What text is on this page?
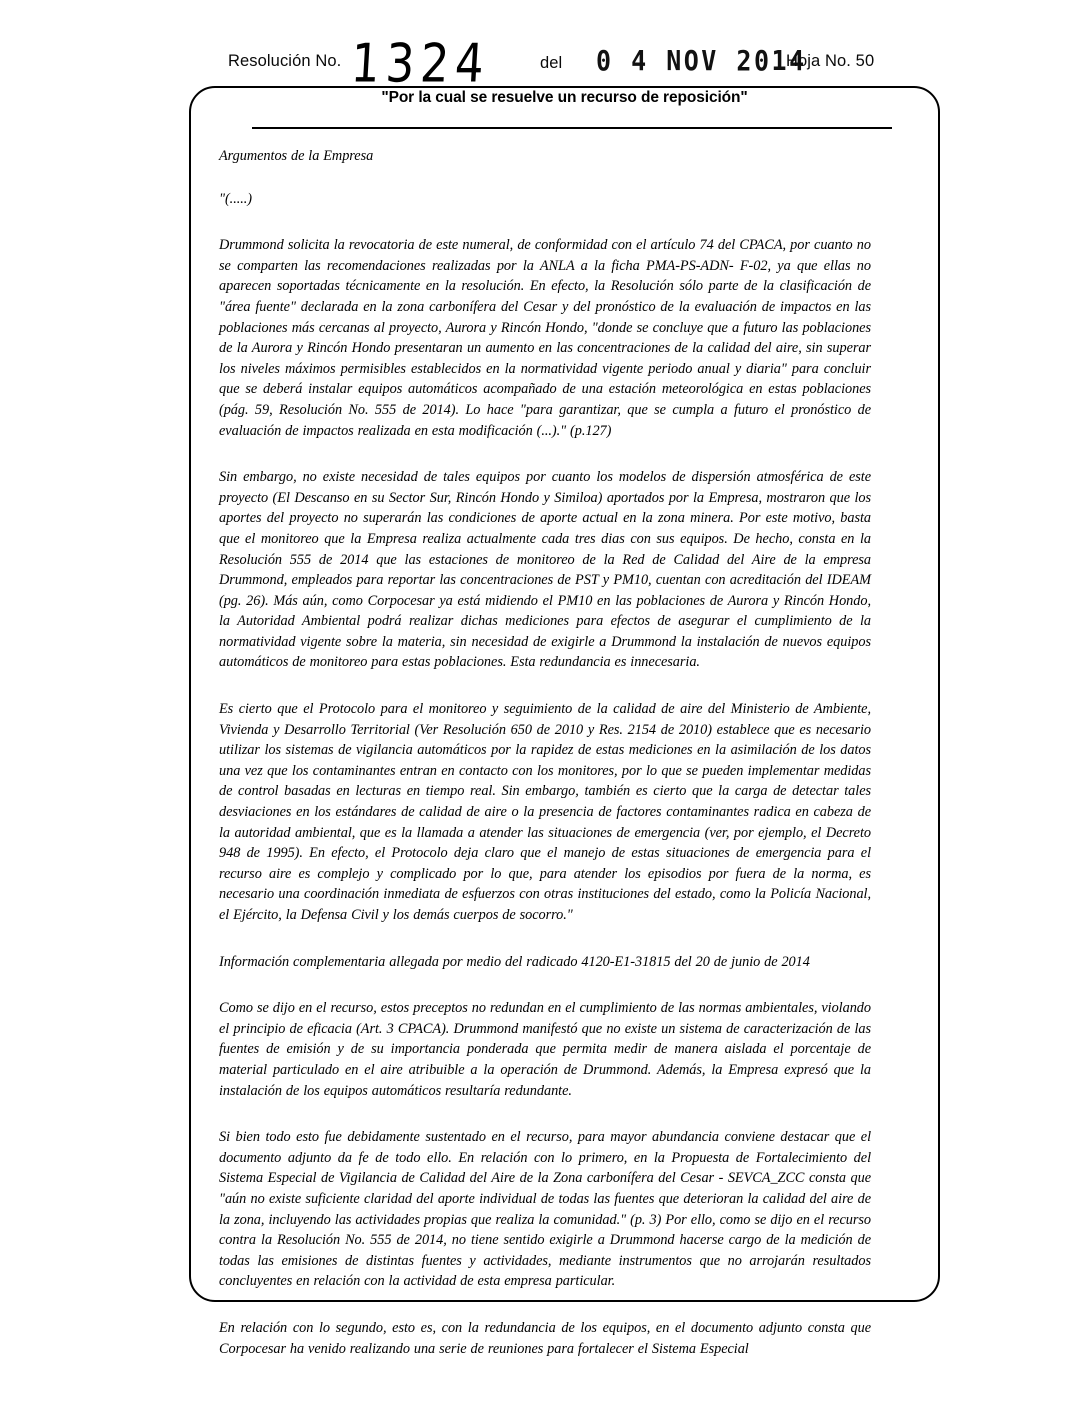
Resolución No. 1324	del 0 4 NOV 2014
Hoja No. 50
"Por la cual se resuelve un recurso de reposición"

Argumentos de la Empresa

"(.....)

Drummond solicita la revocatoria de este numeral, de conformidad con el artículo 74 del CPACA, por cuanto no se comparten las recomendaciones realizadas por la ANLA a la ficha PMA-PS-ADN- F-02, ya que ellas no aparecen soportadas técnicamente en la resolución. En efecto, la Resolución sólo parte de la clasificación de "área fuente" declarada en la zona carbonífera del Cesar y del pronóstico de la evaluación de impactos en las poblaciones más cercanas al proyecto, Aurora y Rincón Hondo, "donde se concluye que a futuro las poblaciones de la Aurora y Rincón Hondo presentaran un aumento en las concentraciones de la calidad del aire, sin superar los niveles máximos permisibles establecidos en la normatividad vigente periodo anual y diaria" para concluir que se deberá instalar equipos automáticos acompañado de una estación meteorológica en estas poblaciones (pág. 59, Resolución No. 555 de 2014). Lo hace "para garantizar, que se cumpla a futuro el pronóstico de evaluación de impactos realizada en esta modificación (...)." (p.127)

Sin embargo, no existe necesidad de tales equipos por cuanto los modelos de dispersión atmosférica de este proyecto (El Descanso en su Sector Sur, Rincón Hondo y Similoa) aportados por la Empresa, mostraron que los aportes del proyecto no superarán las condiciones de aporte actual en la zona minera. Por este motivo, basta que el monitoreo que la Empresa realiza actualmente cada tres dias con sus equipos. De hecho, consta en la Resolución 555 de 2014 que las estaciones de monitoreo de la Red de Calidad del Aire de la empresa Drummond, empleados para reportar las concentraciones de PST y PM10, cuentan con acreditación del IDEAM (pg. 26). Más aún, como Corpocesar ya está midiendo el PM10 en las poblaciones de Aurora y Rincón Hondo, la Autoridad Ambiental podrá realizar dichas mediciones para efectos de asegurar el cumplimiento de la normatividad vigente sobre la materia, sin necesidad de exigirle a Drummond la instalación de nuevos equipos automáticos de monitoreo para estas poblaciones. Esta redundancia es innecesaria.

Es cierto que el Protocolo para el monitoreo y seguimiento de la calidad de aire del Ministerio de Ambiente, Vivienda y Desarrollo Territorial (Ver Resolución 650 de 2010 y Res. 2154 de 2010) establece que es necesario utilizar los sistemas de vigilancia automáticos por la rapidez de estas mediciones en la asimilación de los datos una vez que los contaminantes entran en contacto con los monitores, por lo que se pueden implementar medidas de control basadas en lecturas en tiempo real. Sin embargo, también es cierto que la carga de detectar tales desviaciones en los estándares de calidad de aire o la presencia de factores contaminantes radica en cabeza de la autoridad ambiental, que es la llamada a atender las situaciones de emergencia (ver, por ejemplo, el Decreto 948 de 1995). En efecto, el Protocolo deja claro que el manejo de estas situaciones de emergencia para el recurso aire es complejo y complicado por lo que, para atender los episodios por fuera de la norma, es necesario una coordinación inmediata de esfuerzos con otras instituciones del estado, como la Policía Nacional, el Ejército, la Defensa Civil y los demás cuerpos de socorro."

Información complementaria allegada por medio del radicado 4120-E1-31815 del 20 de junio de 2014

Como se dijo en el recurso, estos preceptos no redundan en el cumplimiento de las normas ambientales, violando el principio de eficacia (Art. 3 CPACA). Drummond manifestó que no existe un sistema de caracterización de las fuentes de emisión y de su importancia ponderada que permita medir de manera aislada el porcentaje de material particulado en el aire atribuible a la operación de Drummond. Además, la Empresa expresó que la instalación de los equipos automáticos resultaría redundante.

Si bien todo esto fue debidamente sustentado en el recurso, para mayor abundancia conviene destacar que el documento adjunto da fe de todo ello. En relación con lo primero, en la Propuesta de Fortalecimiento del Sistema Especial de Vigilancia de Calidad del Aire de la Zona carbonífera del Cesar - SEVCA_ZCC consta que "aún no existe suficiente claridad del aporte individual de todas las fuentes que deterioran la calidad del aire de la zona, incluyendo las actividades propias que realiza la comunidad." (p. 3) Por ello, como se dijo en el recurso contra la Resolución No. 555 de 2014, no tiene sentido exigirle a Drummond hacerse cargo de la medición de todas las emisiones de distintas fuentes y actividades, mediante instrumentos que no arrojarán resultados concluyentes en relación con la actividad de esta empresa particular.

En relación con lo segundo, esto es, con la redundancia de los equipos, en el documento adjunto consta que Corpocesar ha venido realizando una serie de reuniones para fortalecer el Sistema Especial
